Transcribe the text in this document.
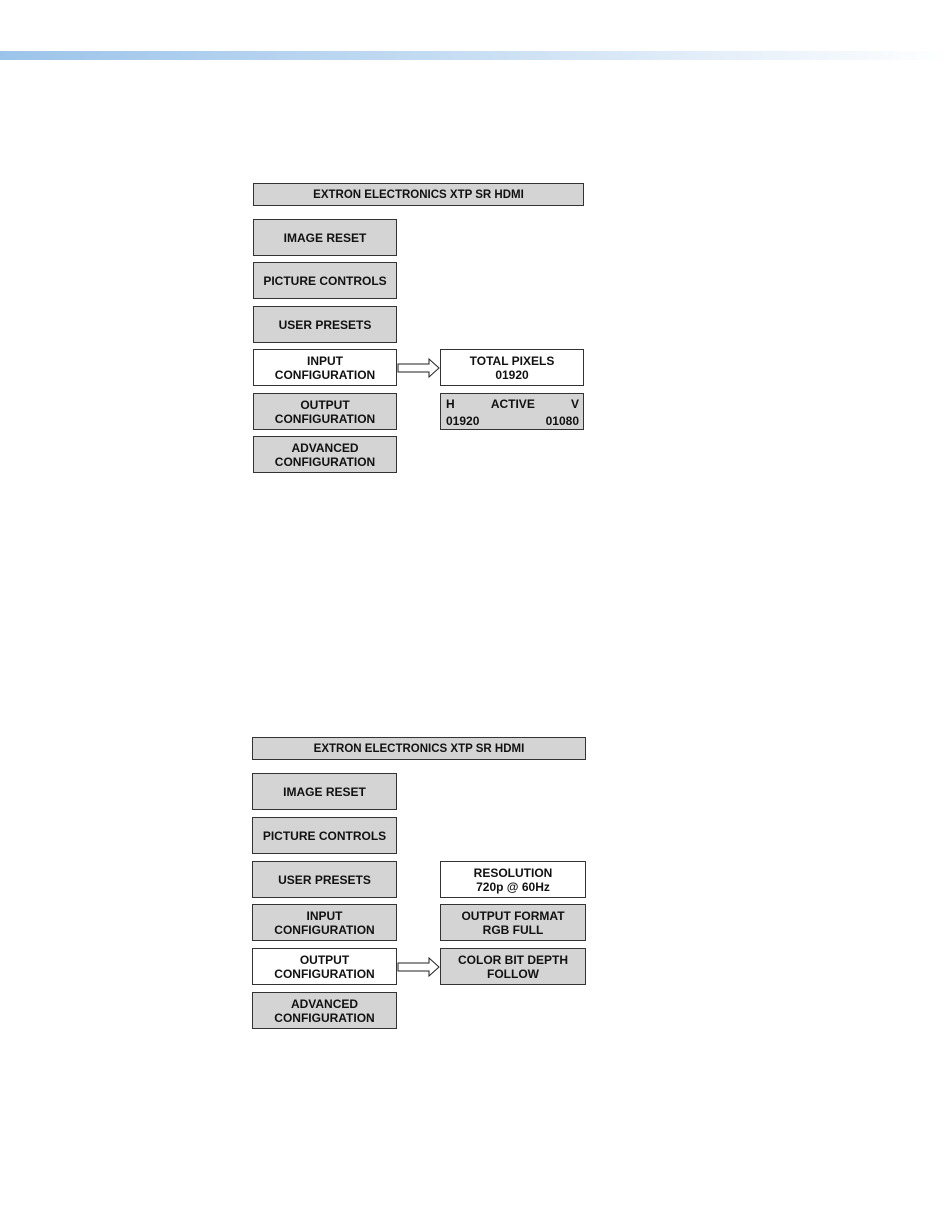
EXTRON ELECTRONICS XTP SR HDMI
IMAGE RESET
PICTURE CONTROLS
USER PRESETS
INPUT
CONFIGURATION
OUTPUT
CONFIGURATION
ADVANCED
CONFIGURATION
TOTAL PIXELS
01920
H	ACTIVE	V
01920	01080
EXTRON ELECTRONICS XTP SR HDMI
IMAGE RESET
PICTURE CONTROLS
USER PRESETS
INPUT
CONFIGURATION
OUTPUT
CONFIGURATION
ADVANCED
CONFIGURATION
RESOLUTION
720p @ 60Hz
OUTPUT FORMAT
RGB FULL
COLOR BIT DEPTH
FOLLOW
